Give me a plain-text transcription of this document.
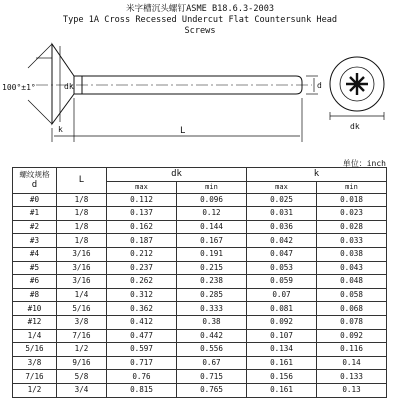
米字槽沉头螺钉ASME B18.6.3-2003
Type 1A Cross Recessed Undercut Flat Countersunk Head
Screws
100°±1°	dk
k	L
d
dk
单位：inch
螺纹规格
d	L	dk		k	
		max	min	max	min
#0	1/8	0.112	0.096	0.025	0.018
#1	1/8	0.137	0.12	0.031	0.023
#2	1/8	0.162	0.144	0.036	0.028
#3	1/8	0.187	0.167	0.042	0.033
#4	3/16	0.212	0.191	0.047	0.038
#5	3/16	0.237	0.215	0.053	0.043
#6	3/16	0.262	0.238	0.059	0.048
#8	1/4	0.312	0.285	0.07	0.058
#10	5/16	0.362	0.333	0.081	0.068
#12	3/8	0.412	0.38	0.092	0.078
1/4	7/16	0.477	0.442	0.107	0.092
5/16	1/2	0.597	0.556	0.134	0.116
3/8	9/16	0.717	0.67	0.161	0.14
7/16	5/8	0.76	0.715	0.156	0.133
1/2	3/4	0.815	0.765	0.161	0.13
